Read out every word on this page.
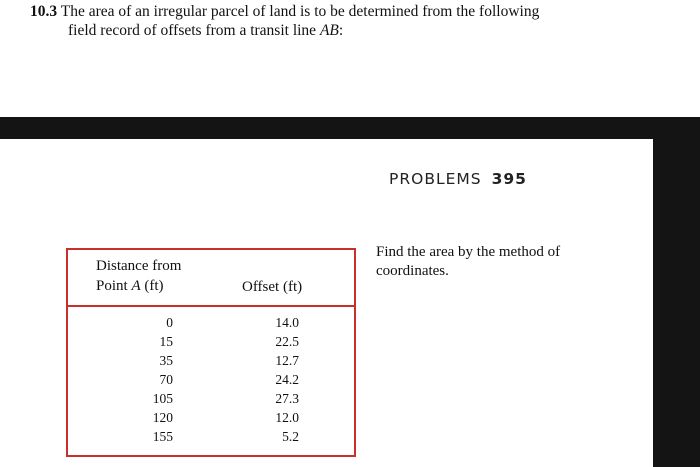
10.3 The area of an irregular parcel of land is to be determined from the following
field record of offsets from a transit line AB:
PROBLEMS 395
Distance from
Point A (ft)	Offset (ft)
0
15
35
70
105
120
155
14.0
22.5
12.7
24.2
27.3
12.0
5.2
Find the area by the method of coordinates.
